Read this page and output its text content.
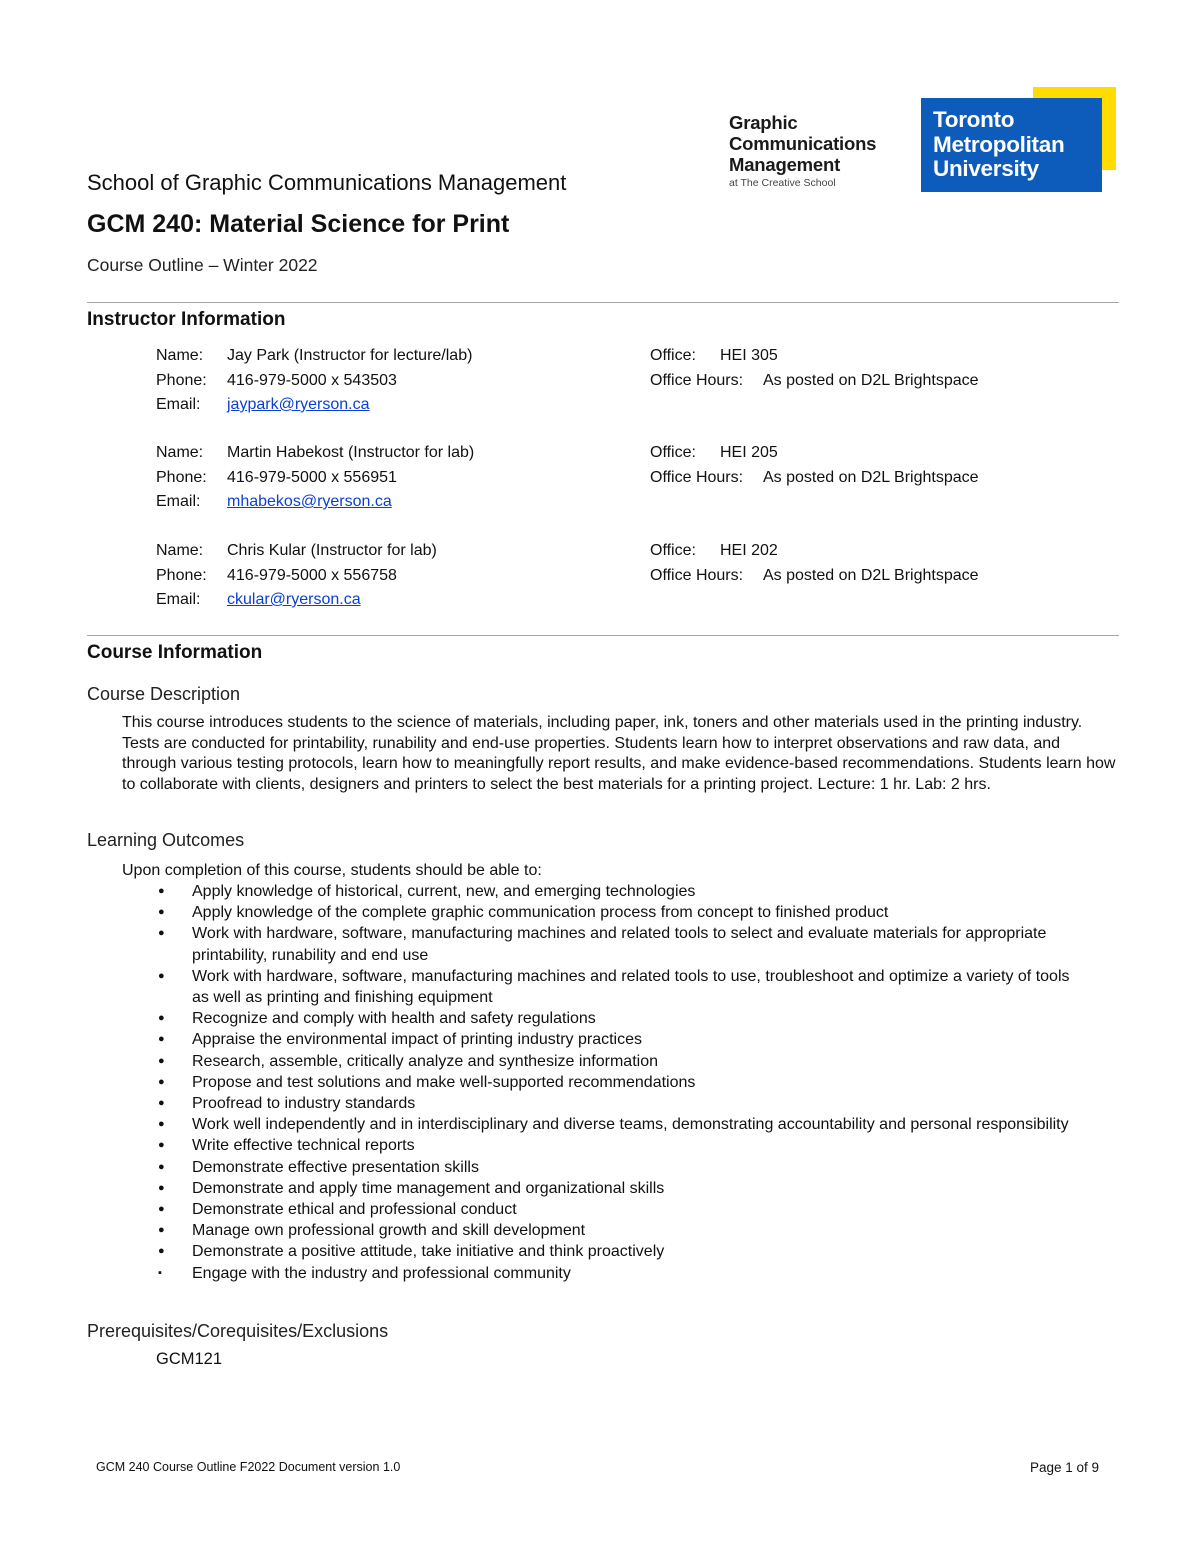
Graphic
Communications
Management
at The Creative School
Toronto
Metropolitan
University
School of Graphic Communications Management
GCM 240: Material Science for Print
Course Outline – Winter 2022
Instructor Information
Name: Jay Park (Instructor for lecture/lab)	Office: HEI 305
Phone: 416-979-5000 x 543503	Office Hours: As posted on D2L Brightspace
Email: jaypark@ryerson.ca
Name: Martin Habekost (Instructor for lab)	Office: HEI 205
Phone: 416-979-5000 x 556951	Office Hours: As posted on D2L Brightspace
Email: mhabekos@ryerson.ca
Name: Chris Kular (Instructor for lab)	Office: HEI 202
Phone: 416-979-5000 x 556758	Office Hours: As posted on D2L Brightspace
Email: ckular@ryerson.ca
Course Information
Course Description

This course introduces students to the science of materials, including paper, ink, toners and other materials used in the printing industry. Tests are conducted for printability, runability and end-use properties. Students learn how to interpret observations and raw data, and through various testing protocols, learn how to meaningfully report results, and make evidence-based recommendations. Students learn how to collaborate with clients, designers and printers to select the best materials for a printing project. Lecture: 1 hr. Lab: 2 hrs.

Learning Outcomes
Upon completion of this course, students should be able to:
● Apply knowledge of historical, current, new, and emerging technologies
● Apply knowledge of the complete graphic communication process from concept to finished product
● Work with hardware, software, manufacturing machines and related tools to select and evaluate materials for appropriate printability, runability and end use
● Work with hardware, software, manufacturing machines and related tools to use, troubleshoot and optimize a variety of tools as well as printing and finishing equipment
● Recognize and comply with health and safety regulations
● Appraise the environmental impact of printing industry practices
● Research, assemble, critically analyze and synthesize information
● Propose and test solutions and make well-supported recommendations
● Proofread to industry standards
● Work well independently and in interdisciplinary and diverse teams, demonstrating accountability and personal responsibility
● Write effective technical reports
● Demonstrate effective presentation skills
● Demonstrate and apply time management and organizational skills
● Demonstrate ethical and professional conduct
● Manage own professional growth and skill development
● Demonstrate a positive attitude, take initiative and think proactively
▪ Engage with the industry and professional community
Prerequisites/Corequisites/Exclusions
GCM121
GCM 240 Course Outline F2022 Document version 1.0	Page 1 of 9
